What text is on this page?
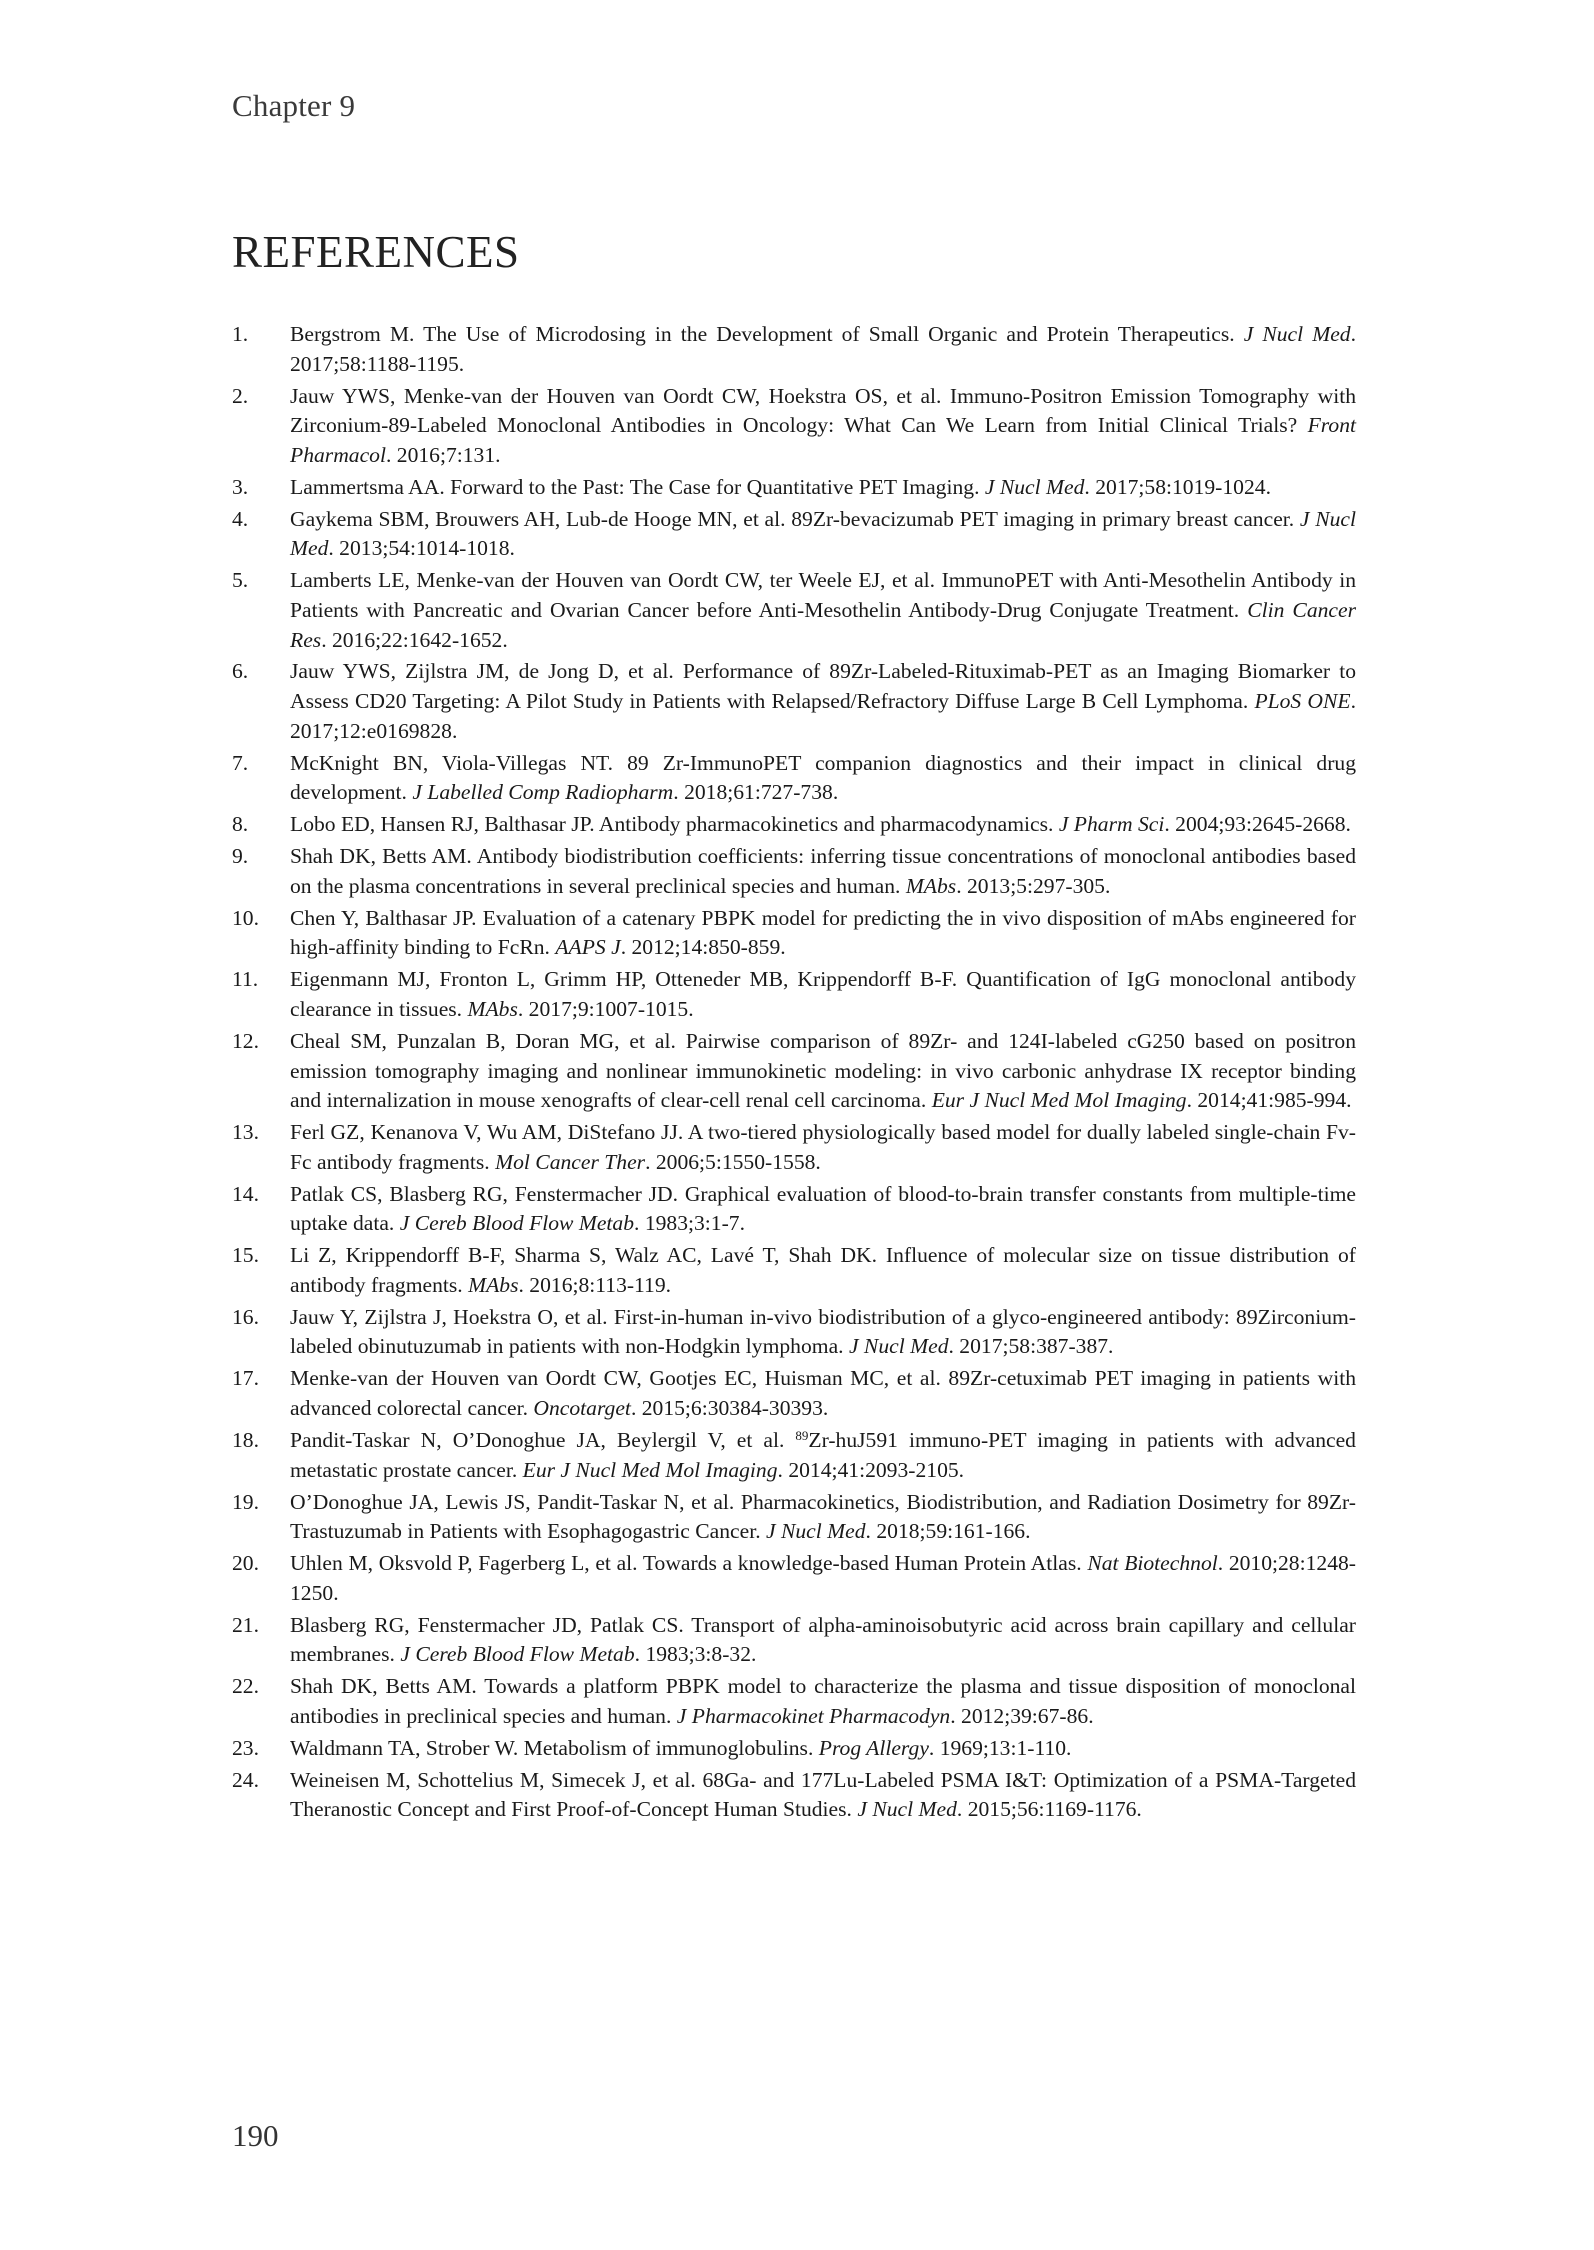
Chapter 9
REFERENCES
1.	Bergstrom M. The Use of Microdosing in the Development of Small Organic and Protein Therapeutics. J Nucl Med. 2017;58:1188-1195.
2.	Jauw YWS, Menke-van der Houven van Oordt CW, Hoekstra OS, et al. Immuno-Positron Emission Tomography with Zirconium-89-Labeled Monoclonal Antibodies in Oncology: What Can We Learn from Initial Clinical Trials? Front Pharmacol. 2016;7:131.
3.	Lammertsma AA. Forward to the Past: The Case for Quantitative PET Imaging. J Nucl Med. 2017;58:1019-1024.
4.	Gaykema SBM, Brouwers AH, Lub-de Hooge MN, et al. 89Zr-bevacizumab PET imaging in primary breast cancer. J Nucl Med. 2013;54:1014-1018.
5.	Lamberts LE, Menke-van der Houven van Oordt CW, ter Weele EJ, et al. ImmunoPET with Anti-Mesothelin Antibody in Patients with Pancreatic and Ovarian Cancer before Anti-Mesothelin Antibody-Drug Conjugate Treatment. Clin Cancer Res. 2016;22:1642-1652.
6.	Jauw YWS, Zijlstra JM, de Jong D, et al. Performance of 89Zr-Labeled-Rituximab-PET as an Imaging Biomarker to Assess CD20 Targeting: A Pilot Study in Patients with Relapsed/Refractory Diffuse Large B Cell Lymphoma. PLoS ONE. 2017;12:e0169828.
7.	McKnight BN, Viola-Villegas NT. 89 Zr-ImmunoPET companion diagnostics and their impact in clinical drug development. J Labelled Comp Radiopharm. 2018;61:727-738.
8.	Lobo ED, Hansen RJ, Balthasar JP. Antibody pharmacokinetics and pharmacodynamics. J Pharm Sci. 2004;93:2645-2668.
9.	Shah DK, Betts AM. Antibody biodistribution coefficients: inferring tissue concentrations of monoclonal antibodies based on the plasma concentrations in several preclinical species and human. MAbs. 2013;5:297-305.
10.	Chen Y, Balthasar JP. Evaluation of a catenary PBPK model for predicting the in vivo disposition of mAbs engineered for high-affinity binding to FcRn. AAPS J. 2012;14:850-859.
11.	Eigenmann MJ, Fronton L, Grimm HP, Otteneder MB, Krippendorff B-F. Quantification of IgG monoclonal antibody clearance in tissues. MAbs. 2017;9:1007-1015.
12.	Cheal SM, Punzalan B, Doran MG, et al. Pairwise comparison of 89Zr- and 124I-labeled cG250 based on positron emission tomography imaging and nonlinear immunokinetic modeling: in vivo carbonic anhydrase IX receptor binding and internalization in mouse xenografts of clear-cell renal cell carcinoma. Eur J Nucl Med Mol Imaging. 2014;41:985-994.
13.	Ferl GZ, Kenanova V, Wu AM, DiStefano JJ. A two-tiered physiologically based model for dually labeled single-chain Fv-Fc antibody fragments. Mol Cancer Ther. 2006;5:1550-1558.
14.	Patlak CS, Blasberg RG, Fenstermacher JD. Graphical evaluation of blood-to-brain transfer constants from multiple-time uptake data. J Cereb Blood Flow Metab. 1983;3:1-7.
15.	Li Z, Krippendorff B-F, Sharma S, Walz AC, Lavé T, Shah DK. Influence of molecular size on tissue distribution of antibody fragments. MAbs. 2016;8:113-119.
16.	Jauw Y, Zijlstra J, Hoekstra O, et al. First-in-human in-vivo biodistribution of a glyco-engineered antibody: 89Zirconium-labeled obinutuzumab in patients with non-Hodgkin lymphoma. J Nucl Med. 2017;58:387-387.
17.	Menke-van der Houven van Oordt CW, Gootjes EC, Huisman MC, et al. 89Zr-cetuximab PET imaging in patients with advanced colorectal cancer. Oncotarget. 2015;6:30384-30393.
18.	Pandit-Taskar N, O’Donoghue JA, Beylergil V, et al. $^{89}$Zr-huJ591 immuno-PET imaging in patients with advanced metastatic prostate cancer. Eur J Nucl Med Mol Imaging. 2014;41:2093-2105.
19.	O’Donoghue JA, Lewis JS, Pandit-Taskar N, et al. Pharmacokinetics, Biodistribution, and Radiation Dosimetry for 89Zr-Trastuzumab in Patients with Esophagogastric Cancer. J Nucl Med. 2018;59:161-166.
20.	Uhlen M, Oksvold P, Fagerberg L, et al. Towards a knowledge-based Human Protein Atlas. Nat Biotechnol. 2010;28:1248-1250.
21.	Blasberg RG, Fenstermacher JD, Patlak CS. Transport of alpha-aminoisobutyric acid across brain capillary and cellular membranes. J Cereb Blood Flow Metab. 1983;3:8-32.
22.	Shah DK, Betts AM. Towards a platform PBPK model to characterize the plasma and tissue disposition of monoclonal antibodies in preclinical species and human. J Pharmacokinet Pharmacodyn. 2012;39:67-86.
23.	Waldmann TA, Strober W. Metabolism of immunoglobulins. Prog Allergy. 1969;13:1-110.
24.	Weineisen M, Schottelius M, Simecek J, et al. 68Ga- and 177Lu-Labeled PSMA I&T: Optimization of a PSMA-Targeted Theranostic Concept and First Proof-of-Concept Human Studies. J Nucl Med. 2015;56:1169-1176.
190
